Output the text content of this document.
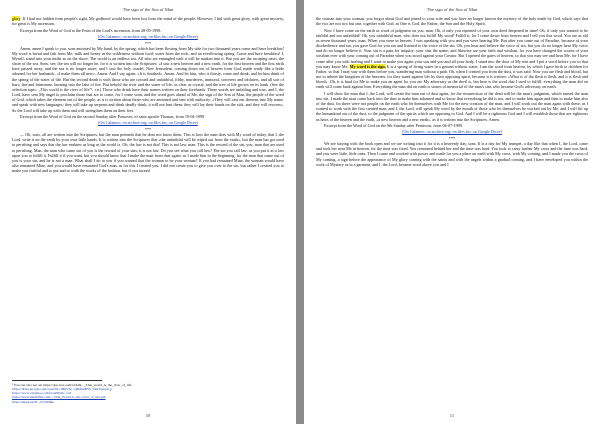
The sign of the Son of Man

glory. If I had not hidden from people's sight, My godhood would have been lost from the mind of the people. However, I hid with great glory, with great mystery, for great is My ascension.

Excerpt from the Word of God at the Feast of the Lord's ascension, from 28-05-1998.

(On Calameo; on archive.org; on files.fm; on Google Drive)

***

Amen, amen I speak to you, sons anointed by My hand, by the spring, which has been flowing from My side for two thousand years come and have breakfast! My word is bread and fish from Me; milk and honey in the wilderness without food; water from the rock, and an everflowing spring. Come and have breakfast! I, Myself, stand into your midst as on the shore. The world is an endless sea. All who are entangled with it will be sunken into it. But you are the escaping oasis, the shore of the sea. Sons, see, the sea will no longer be, for it is written into the Scriptures: «I saw a new heaven and a new earth, for the first heaven and the first earth have passed away, and the sea is no longer more; and I saw the holy citadel, New Jerusalem, coming down out of heaven from God, made ready like a bride adorned for her husband». «I make them all new». Amen. And I say again: «It is finished». Amen. And let him, who is thirsty, come and drink, and let him drink of the spring of the water of life. But the second death is with those who are coward and unfaithful, filthy, murderers, immoral, sorcerers and idolaters, and all sort of liars; fire and brimstone, burning into the lake of fire. But behold the river and the water of life, as clear as crystal, and the tree of life grown on its bank. (See the selection topic: „This world is the river of life"¹. r.n.) Those who drink have their names written on their foreheads. These words are unfailing and true, and I, the Lord, have sent My angel to proclaim those that are to come, for I come soon, and the word goes ahead of Me, the sign of the Son of Man, the people of the word of God, which takes the element out of the people, as it is written about those who are anointed and sent with authority: «They will cast out demons into My name, and speak with new languages; they will take up serpents and drink deadly drink, it will not hurt them; they will lay their hands on the sick, and they will recover». So the Lord will take up with them and will strengthen them on their feet.

Excerpt from the Word of God on the second Sunday after Passover, of saint apostle Thomas, from 19-04-1999.

(On Calameo; on archive.org; on files.fm; on Google Drive)

***

— Oh, sons, all are written into the Scriptures, but the man pretends that he does not know them. This is how the man does with My word of today, that I, the Lord, write it on the earth by your own little hands. It is written into the Scriptures that «the unfaithful will be wiped out from the earth», but the man has got used to perishing and says that the law endures as long as the world is. Oh, the law is not this! This is not law, man. This is the reward of the sin, you, man that are used to perishing. Man, the man who came out of you is the reward of your sins; it is not law. Do you see what you call law? The sin you call law, as you put it as a law upon you to fulfill it. Fulfill it if you want, but you should know that I make the man from dust again, as I made him in the beginning, for the man that came out of you is your sin, and he is not a man. What shall I do to you if you wanted that the woman to be your woman? If you had remained Mine, the woman would have also remained Mine, and you would have remained God's man, as for this I created you. I did not create you to give you over to the sin, but rather I created you to make you fruitful and to put and to walk the works of the fashion, but if you turned

¹ You can also see on: https://app.box.com/s/f4s6j..._This_world_is_the_river_of_life
https://drive.google.com/open?id=1B0V5e...QBdhu8NS_S46TqsQdi_p
https://www.calameo.com/read/004b...1e2
https://www.mediafire.com/...This_World_is_the_river_of_life.pdf
https://mega.nz/#!...Gl7rR9ku
10
The sign of the Son of Man

the woman into your woman, you forgot about God and joined to your wife and you have no longer known the mystery of the holy made by God, which says that the two are not two but one, together with God, as One is God, the Father, the Son and the Holy Spirit.

Now I have come on the earth as word of judgment on you, man. Oh, if only you repented of your own deed deepened in time! Oh, if only you wanted to be faithful and not unfaithful! Oh, you unfaithful man, who does not fulfill My word! Fulfill it, for I come down from heaven and I tell you this word. You are as old as seven thousand years, man. When you were in heaven, I was speaking with you and you were hearing Me. But after you came out of Paradise, because of your disobedience and sin, you gave God for you sin and listened to the voice of the sin. Oh, you hear and believe the voice of sin, but you do no longer hear My voice and do no longer believe it. Your sin is a pain for iniquity; your sins the name; and likewise are your faith and wisdom, for you have changed the course of your wisdom over with your coming out of Paradise when you stood against your Creator. But I opened the gates of heaven, so that you may see and hear Me, for I have come after you with healing and I want to make you again your son and you and all your body. I stand into the door of My tent and I put a word before you so that you may know Me. My word is the sign. It is a spring of living water in a ground without water. I am the word from heaven, by which I gave birth to children for Father, so that I may stay with them before you, wandering man without a path. Oh, when I created you from the dust, it was said: Now you are flesh and blood, but not to inherit the kingdom of the heavens, for they stand against life by their opposing spirit, because it is written: «What is of the flesh is flesh, and it is flesh and blood». Oh, it is hard for Me to make you an agent for you are My adversary as the devil is, but here is the word that I used to fulfill: everything the man did on earth will come back against him. Everything the man did on earth is stones of memorial of the man's sins who became God's adversary on earth.

I will show the man that I, the Lord, will create the man out of dust again, for the resurrection of the dead will be the man's judgment, which turned the man into sin. I made the man come back into the dust to make him ashamed and to know that everything he did is not, and to make him again and then to make him also of the dust, for there were not people on the earth who let themselves with Me for the new creation of the man, and I will work out the man again with these, as I wanted to work with the first created man, and I, the Lord, will speak My word by the mouth of those who let themselves be worked out by Me, and I will lift up the humankind out of the dust, to the judgment of the spirits which are opposing to God. And I will be a righteous God and I will establish those that are righteous as heirs of the heaven and the earth, «a new heaven and a new earth», as it is written into the Scriptures. Amen.

Excerpt from the Word of God on the 9th Sunday after Pentecost, from 04-07-1999.

(On Calameo; on archive.org; on files.fm; on Google Drive)

***

We are staying with the book open and we are writing into it for it is a heavenly day, sons. It is a day for My trumpet, a day like that when I, the Lord, came and took her near Me in heaven, for the time was fixed. You remained behind her and the time was hard. You took to carry further My cross and the time was hard, and you were little, little ones. Then I came and worked with power and made for you a place on earth with My cross, with My coming, and I made you the cross of My coming, a sign before the appearance of My glory coming with the saints and with the angels within a gradual coming, and I have enveloped you within the work of Mystery as in a garment, and I, the Lord, became word above you and I

11
